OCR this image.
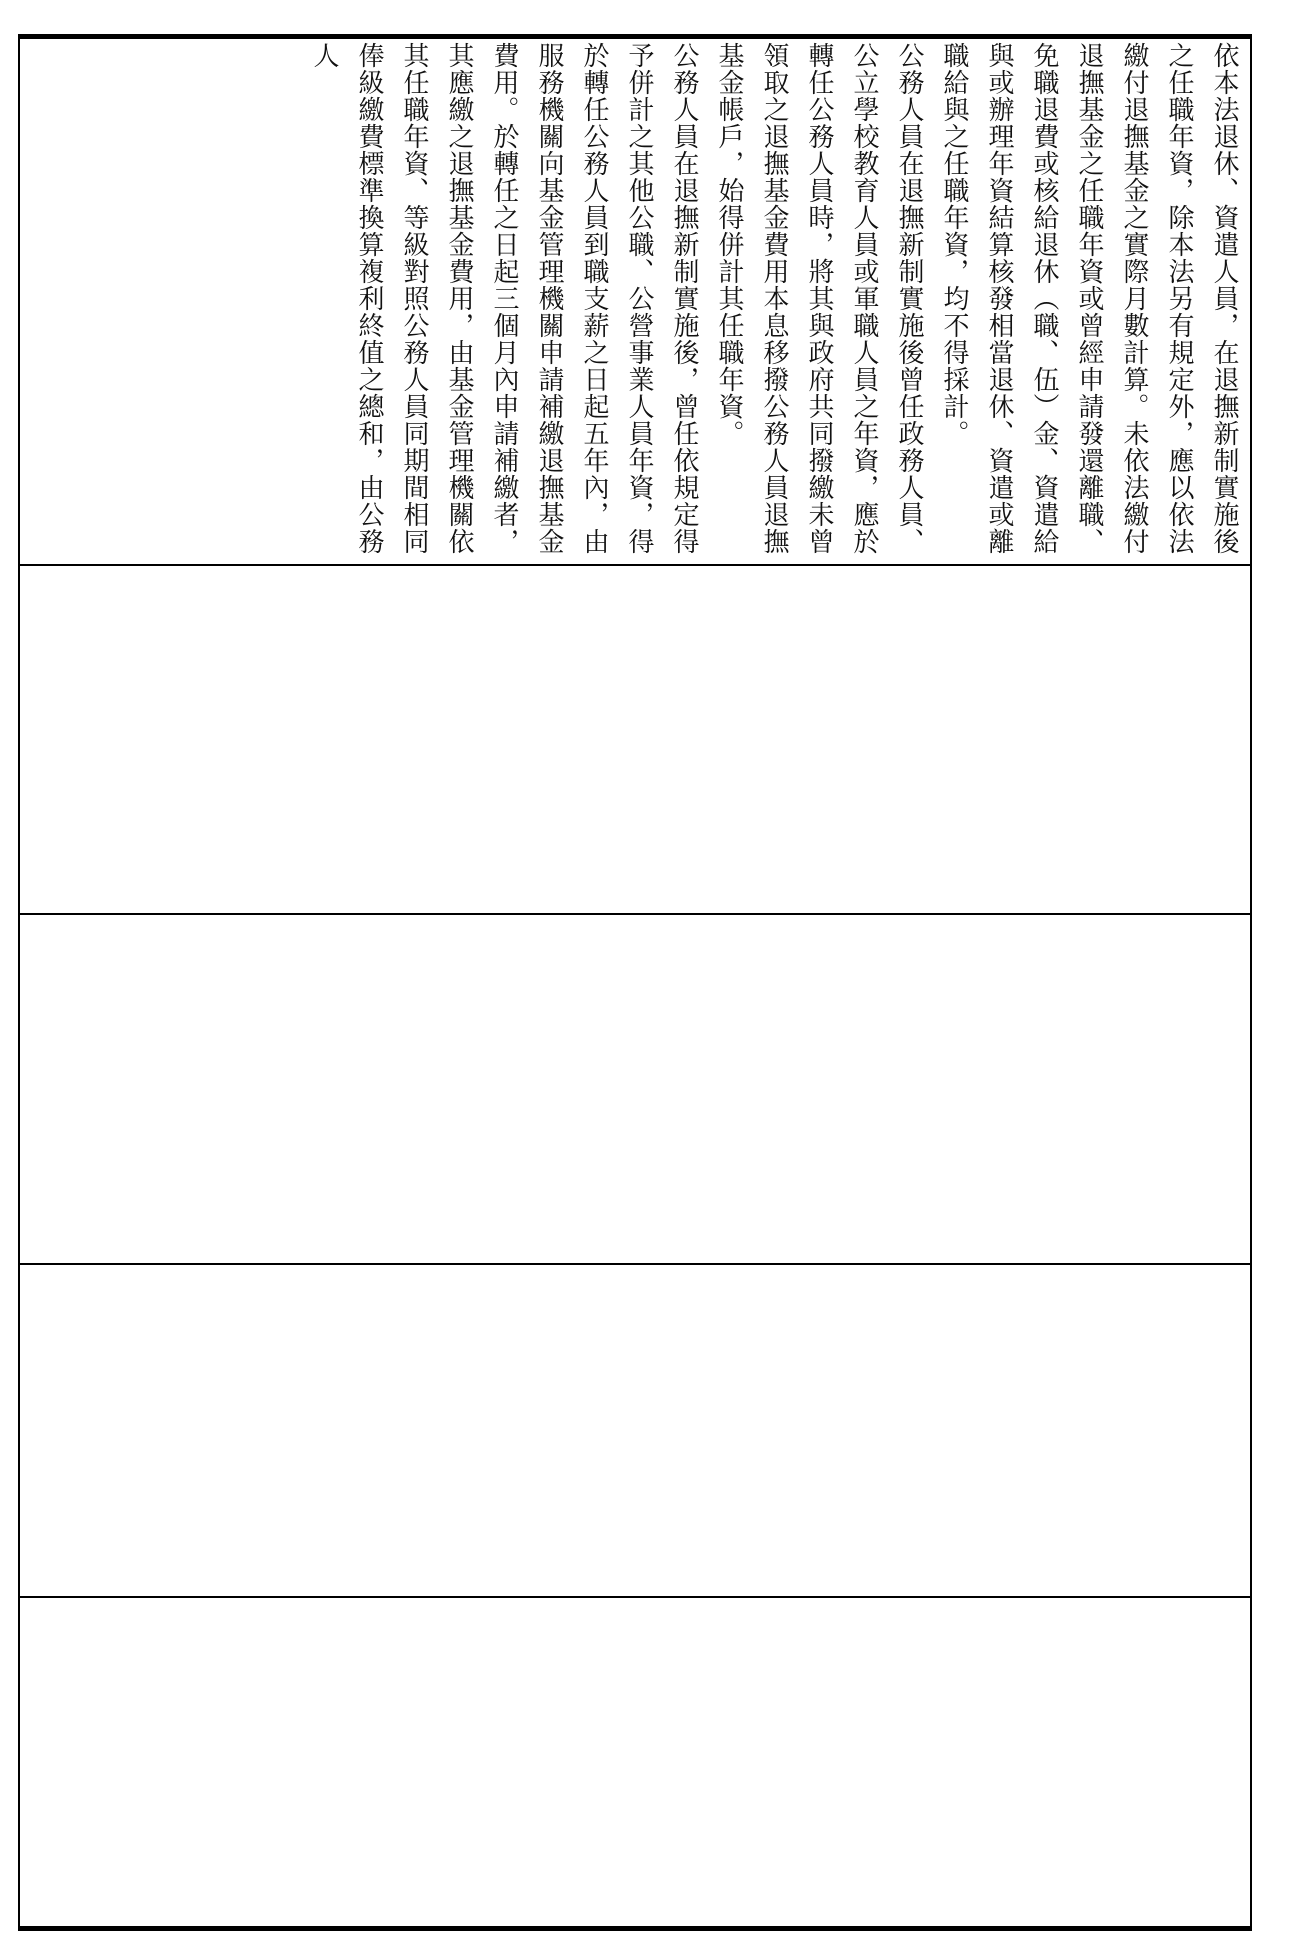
依本法退休、資遣人員，在退撫新制實施後之任職年資，除本法另有規定外，應以依法繳付退撫基金之實際月數計算。未依法繳付退撫基金之任職年資或曾經申請發還離職、免職退費或核給退休（職、伍）金、資遣給與或辦理年資結算核發相當退休、資遣或離職給與之任職年資，均不得採計。

公務人員在退撫新制實施後曾任政務人員、公立學校教育人員或軍職人員之年資，應於轉任公務人員時，將其與政府共同撥繳未曾領取之退撫基金費用本息移撥公務人員退撫基金帳戶，始得併計其任職年資。

公務人員在退撫新制實施後，曾任依規定得予併計之其他公職、公營事業人員年資，得於轉任公務人員到職支薪之日起五年內，由服務機關向基金管理機關申請補繳退撫基金費用。於轉任之日起三個月內申請補繳者，其應繳之退撫基金費用，由基金管理機關依其任職年資、等級對照公務人員同期間相同俸級繳費標準換算複利終值之總和，由公務人
